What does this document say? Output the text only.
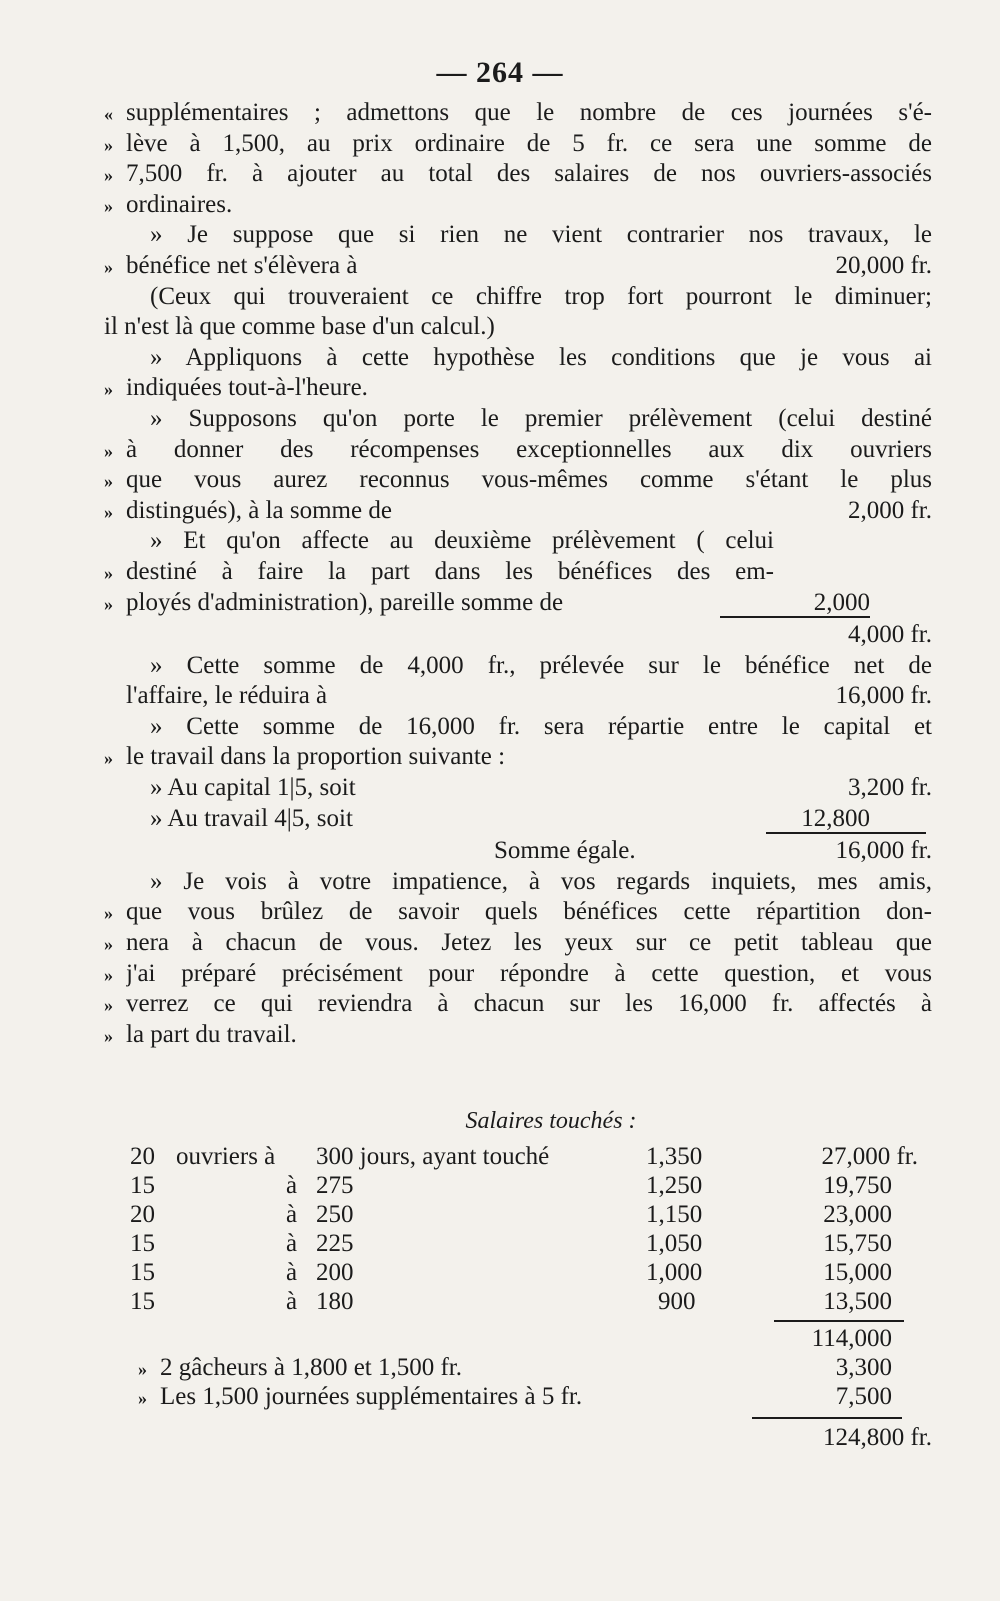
— 264 —
« supplémentaires ; admettons que le nombre de ces journées s'é-
» lève à 1,500, au prix ordinaire de 5 fr. ce sera une somme de
» 7,500 fr. à ajouter au total des salaires de nos ouvriers-associés
» ordinaires.
» Je suppose que si rien ne vient contrarier nos travaux, le
» bénéfice net s'élèvera à	20,000 fr.
(Ceux qui trouveraient ce chiffre trop fort pourront le diminuer;
il n'est là que comme base d'un calcul.)
» Appliquons à cette hypothèse les conditions que je vous ai
» indiquées tout-à-l'heure.
» Supposons qu'on porte le premier prélèvement (celui destiné
» à donner des récompenses exceptionnelles aux dix ouvriers
» que vous aurez reconnus vous-mêmes comme s'étant le plus
» distingués), à la somme de	2,000 fr.
» Et qu'on affecte au deuxième prélèvement ( celui
» destiné à faire la part dans les bénéfices des em-
» ployés d'administration), pareille somme de	2,000
4,000 fr.
» Cette somme de 4,000 fr., prélevée sur le bénéfice net de
l'affaire, le réduira à	16,000 fr.
» Cette somme de 16,000 fr. sera répartie entre le capital et
» le travail dans la proportion suivante :
» Au capital 1|5, soit	3,200 fr.
» Au travail 4|5, soit	12,800
Somme égale.	16,000 fr.
» Je vois à votre impatience, à vos regards inquiets, mes amis,
» que vous brûlez de savoir quels bénéfices cette répartition don-
» nera à chacun de vous. Jetez les yeux sur ce petit tableau que
» j'ai préparé précisément pour répondre à cette question, et vous
» verrez ce qui reviendra à chacun sur les 16,000 fr. affectés à
» la part du travail.
Salaires touchés :
20 ouvriers à	300 jours, ayant touché	1,350	27,000 fr.
15	à 275	1,250	19,750
20	à 250	1,150	23,000
15	à 225	1,050	15,750
15	à 200	1,000	15,000
15	à 180	900	13,500
114,000
» 2 gâcheurs à 1,800 et 1,500 fr.	3,300
» Les 1,500 journées supplémentaires à 5 fr.	7,500
124,800 fr.
